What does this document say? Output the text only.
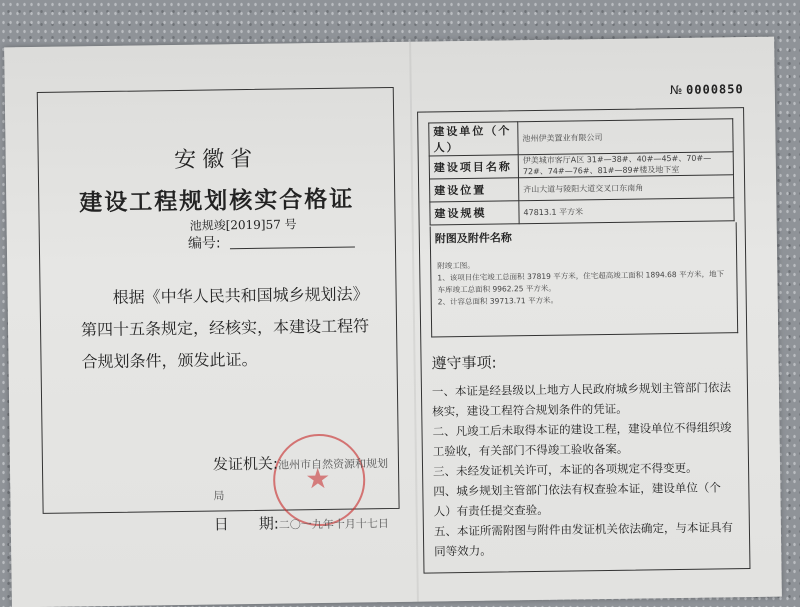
№ 0000850
安徽省
建设工程规划核实合格证
池规竣[2019]57 号
编号:
根据《中华人民共和国城乡规划法》第四十五条规定，经核实，本建设工程符合规划条件，颁发此证。
★
发证机关:池州市自然资源和规划局
日　　期:二〇一九年十月十七日
建设单位（个人）	池州伊美置业有限公司
建设项目名称	伊美城市客厅A区 31#—38#、40#—45#、70#—72#、74#—76#、81#—89#楼及地下室
建设位置	齐山大道与陵阳大道交叉口东南角
建设规模	47813.1 平方米
附图及附件名称
附竣工图。
1、该项目住宅竣工总面积 37819 平方米，住宅超高竣工面积 1894.68 平方米，地下车库竣工总面积 9962.25 平方米。
2、计容总面积 39713.71 平方米。
遵守事项:
一、本证是经县级以上地方人民政府城乡规划主管部门依法核实，建设工程符合规划条件的凭证。
二、凡竣工后未取得本证的建设工程，建设单位不得组织竣工验收，有关部门不得竣工验收备案。
三、未经发证机关许可，本证的各项规定不得变更。
四、城乡规划主管部门依法有权查验本证，建设单位（个人）有责任提交查验。
五、本证所需附图与附件由发证机关依法确定，与本证具有同等效力。
